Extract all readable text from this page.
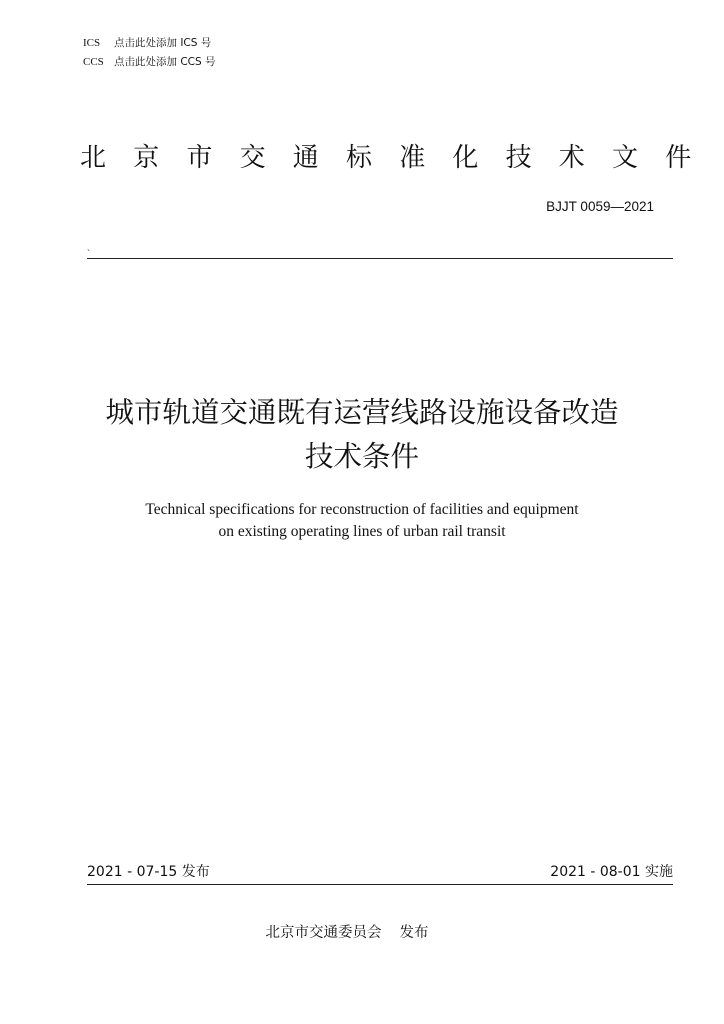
ICS 点击此处添加 ICS 号
CCS 点击此处添加 CCS 号
北京市交通标准化技术文件
BJJT 0059—2021
`
城市轨道交通既有运营线路设施设备改造
技术条件
Technical specifications for reconstruction of facilities and equipment
on existing operating lines of urban rail transit
2021 - 07-15 发布	2021 - 08-01 实施
北京市交通委员会 发布
